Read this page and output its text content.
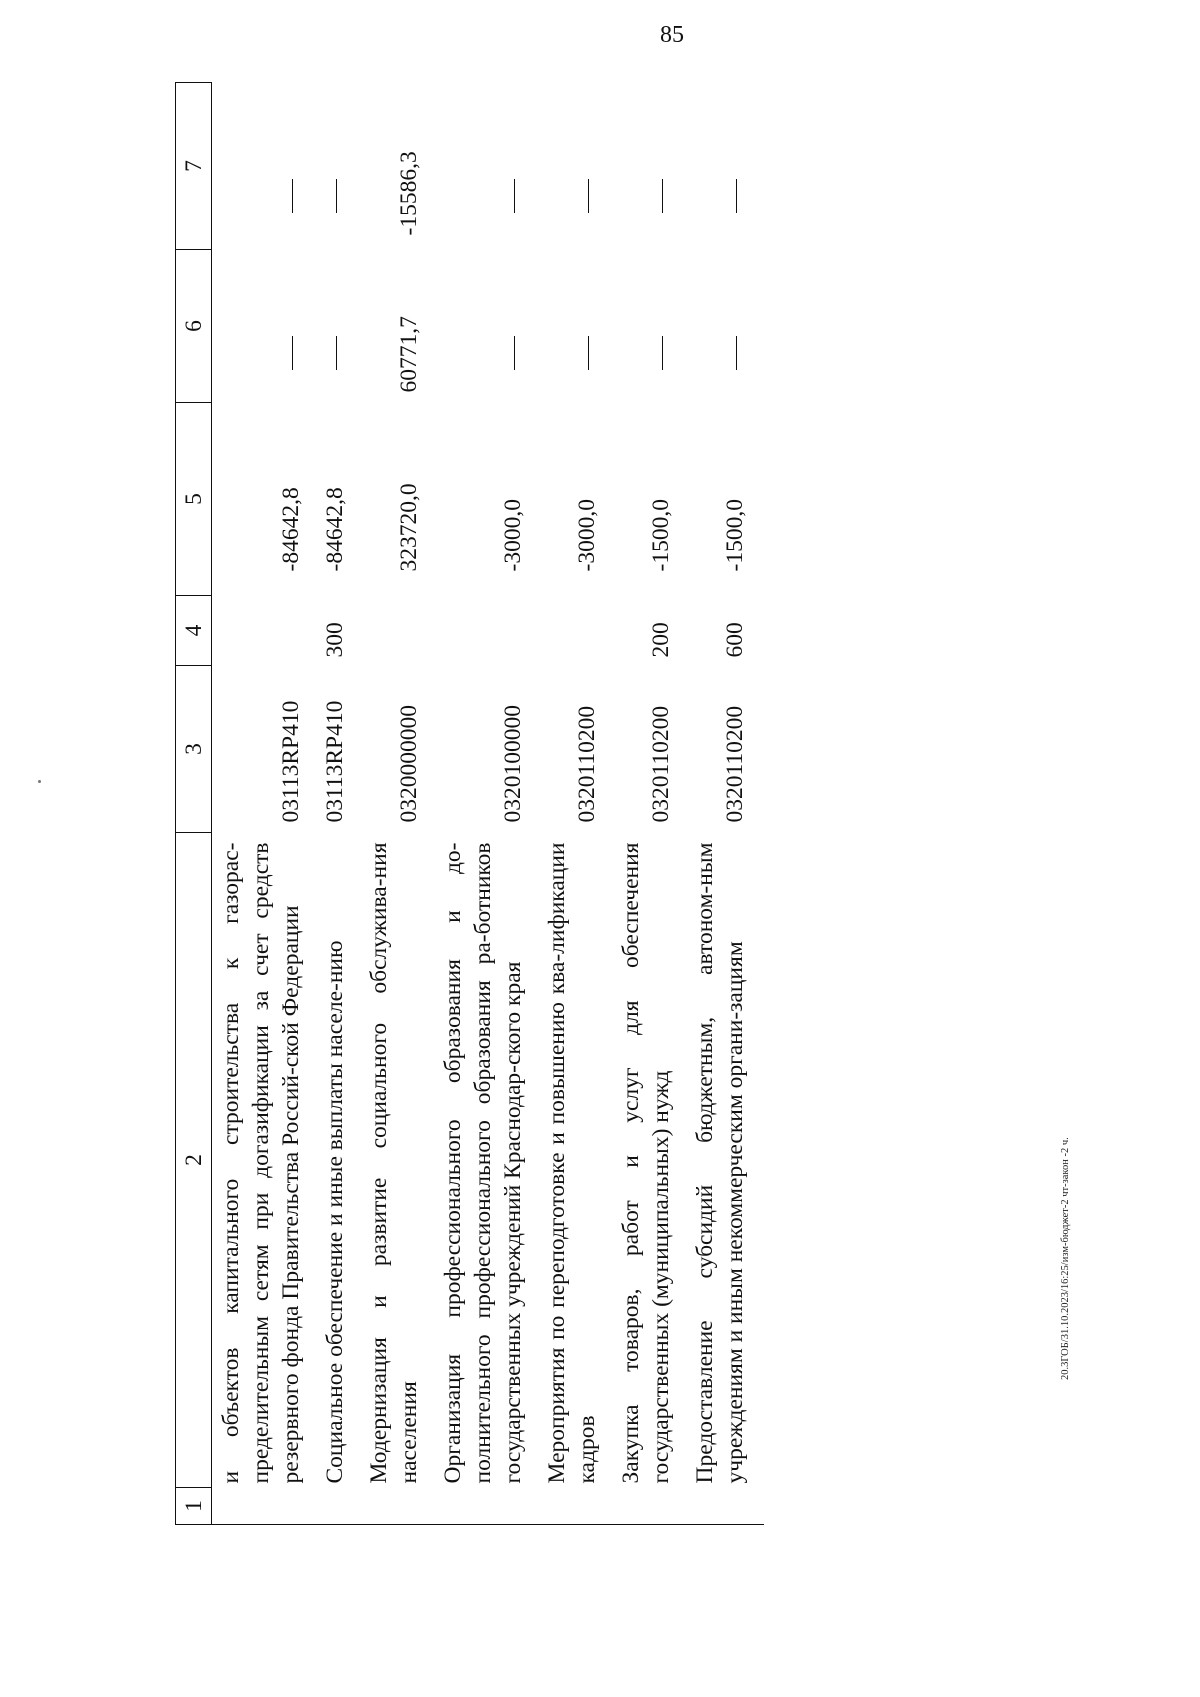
85
1	2	3	4	5	6	7
	и объектов капитального строительства к газорас-пределительным сетям при догазификации за счет средств резервного фонда Правительства Россий-ской Федерации	03113RP410		-84642,8		
	Социальное обеспечение и иные выплаты населе-нию	03113RP410	300	-84642,8		
	Модернизация и развитие социального обслужива-ния населения	0320000000		323720,0	60771,7	-15586,3
	Организация профессионального образования и до-полнительного профессионального образования ра-ботников государственных учреждений Краснодар-ского края	0320100000		-3000,0		
	Мероприятия по переподготовке и повышению ква-лификации кадров	0320110200		-3000,0		
	Закупка товаров, работ и услуг для обеспечения государственных (муниципальных) нужд	0320110200	200	-1500,0		
	Предоставление субсидий бюджетным, автоном-ным учреждениям и иным некоммерческим органи-зациям	0320110200	600	-1500,0		
20.3ГОБ/31.10.2023/16:25/изм-бюджет-2 чт-закон -2 ч.
